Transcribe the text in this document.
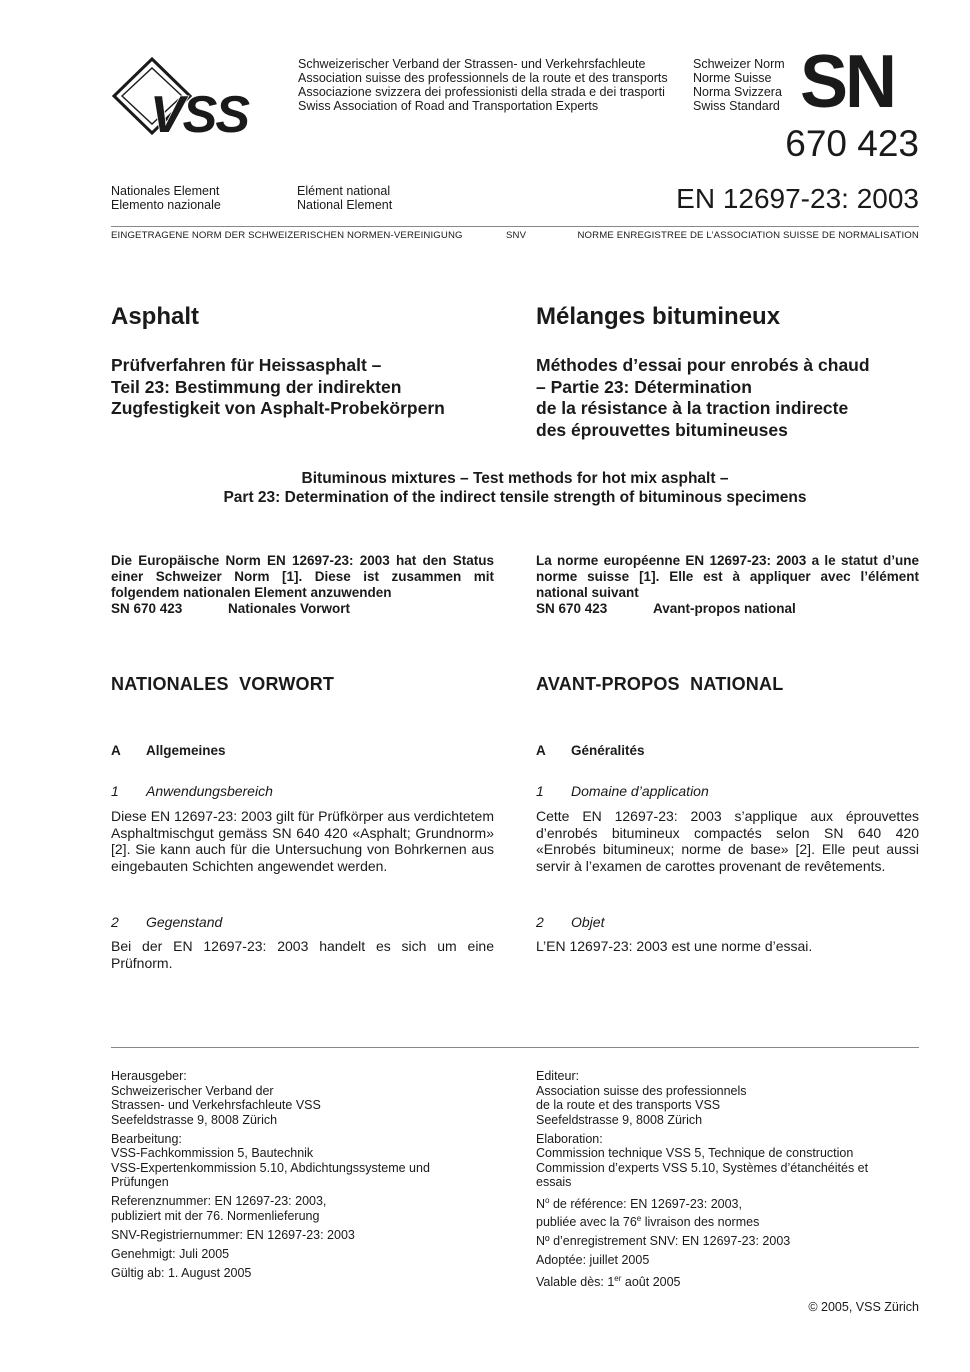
VSS
Schweizerischer Verband der Strassen- und Verkehrsfachleute
Association suisse des professionnels de la route et des transports
Associazione svizzera dei professionisti della strada e dei trasporti
Swiss Association of Road and Transportation Experts
Schweizer Norm
Norme Suisse
Norma Svizzera
Swiss Standard SN
670 423
Nationales Element
Elemento nazionale
Elément national
National Element	EN 12697-23: 2003
EINGETRAGENE NORM DER SCHWEIZERISCHEN NORMEN-VEREINIGUNG	SNV	NORME ENREGISTREE DE L’ASSOCIATION SUISSE DE NORMALISATION
Asphalt	Mélanges bitumineux
Prüfverfahren für Heissasphalt –
Teil 23: Bestimmung der indirekten
Zugfestigkeit von Asphalt-Probekörpern
Méthodes d’essai pour enrobés à chaud
– Partie 23: Détermination
de la résistance à la traction indirecte
des éprouvettes bitumineuses
Bituminous mixtures – Test methods for hot mix asphalt –
Part 23: Determination of the indirect tensile strength of bituminous specimens
Die Europäische Norm EN 12697-23: 2003 hat den Status einer Schweizer Norm [1]. Diese ist zusammen mit folgendem nationalen Element anzuwenden
SN 670 423	Nationales Vorwort
La norme européenne EN 12697-23: 2003 a le statut d’une norme suisse [1]. Elle est à appliquer avec l’élément national suivant
SN 670 423	Avant-propos national
NATIONALES  VORWORT	AVANT-PROPOS  NATIONAL
A Allgemeines	A Généralités
1 Anwendungsbereich	1 Domaine d’application
Diese EN 12697-23: 2003 gilt für Prüfkörper aus verdichtetem Asphaltmischgut gemäss SN 640 420 «Asphalt; Grundnorm» [2]. Sie kann auch für die Untersuchung von Bohrkernen aus eingebauten Schichten angewendet werden.
Cette EN 12697-23: 2003 s’applique aux éprouvettes d’enrobés bitumineux compactés selon SN 640 420 «Enrobés bitumineux; norme de base» [2]. Elle peut aussi servir à l’examen de carottes provenant de revêtements.
2 Gegenstand	2 Objet
Bei der EN 12697-23: 2003 handelt es sich um eine Prüfnorm.
L’EN 12697-23: 2003 est une norme d’essai.

Herausgeber:
Schweizerischer Verband der
Strassen- und Verkehrsfachleute VSS
Seefeldstrasse 9, 8008 Zürich

Bearbeitung:
VSS-Fachkommission 5, Bautechnik
VSS-Expertenkommission 5.10, Abdichtungssysteme und
Prüfungen

Referenznummer: EN 12697-23: 2003,
publiziert mit der 76. Normenlieferung

SNV-Registriernummer: EN 12697-23: 2003

Genehmigt: Juli 2005

Gültig ab: 1. August 2005

Editeur:
Association suisse des professionnels
de la route et des transports VSS
Seefeldstrasse 9, 8008 Zürich

Elaboration:
Commission technique VSS 5, Technique de construction
Commission d’experts VSS 5.10, Systèmes d’étanchéités et
essais

$N^o$ de référence: EN 12697-23: 2003,
publiée avec la 76e livraison des normes

Nº d’enregistrement SNV: EN 12697-23: 2003

Adoptée: juillet 2005

Valable dès: 1er août 2005

© 2005, VSS Zürich
